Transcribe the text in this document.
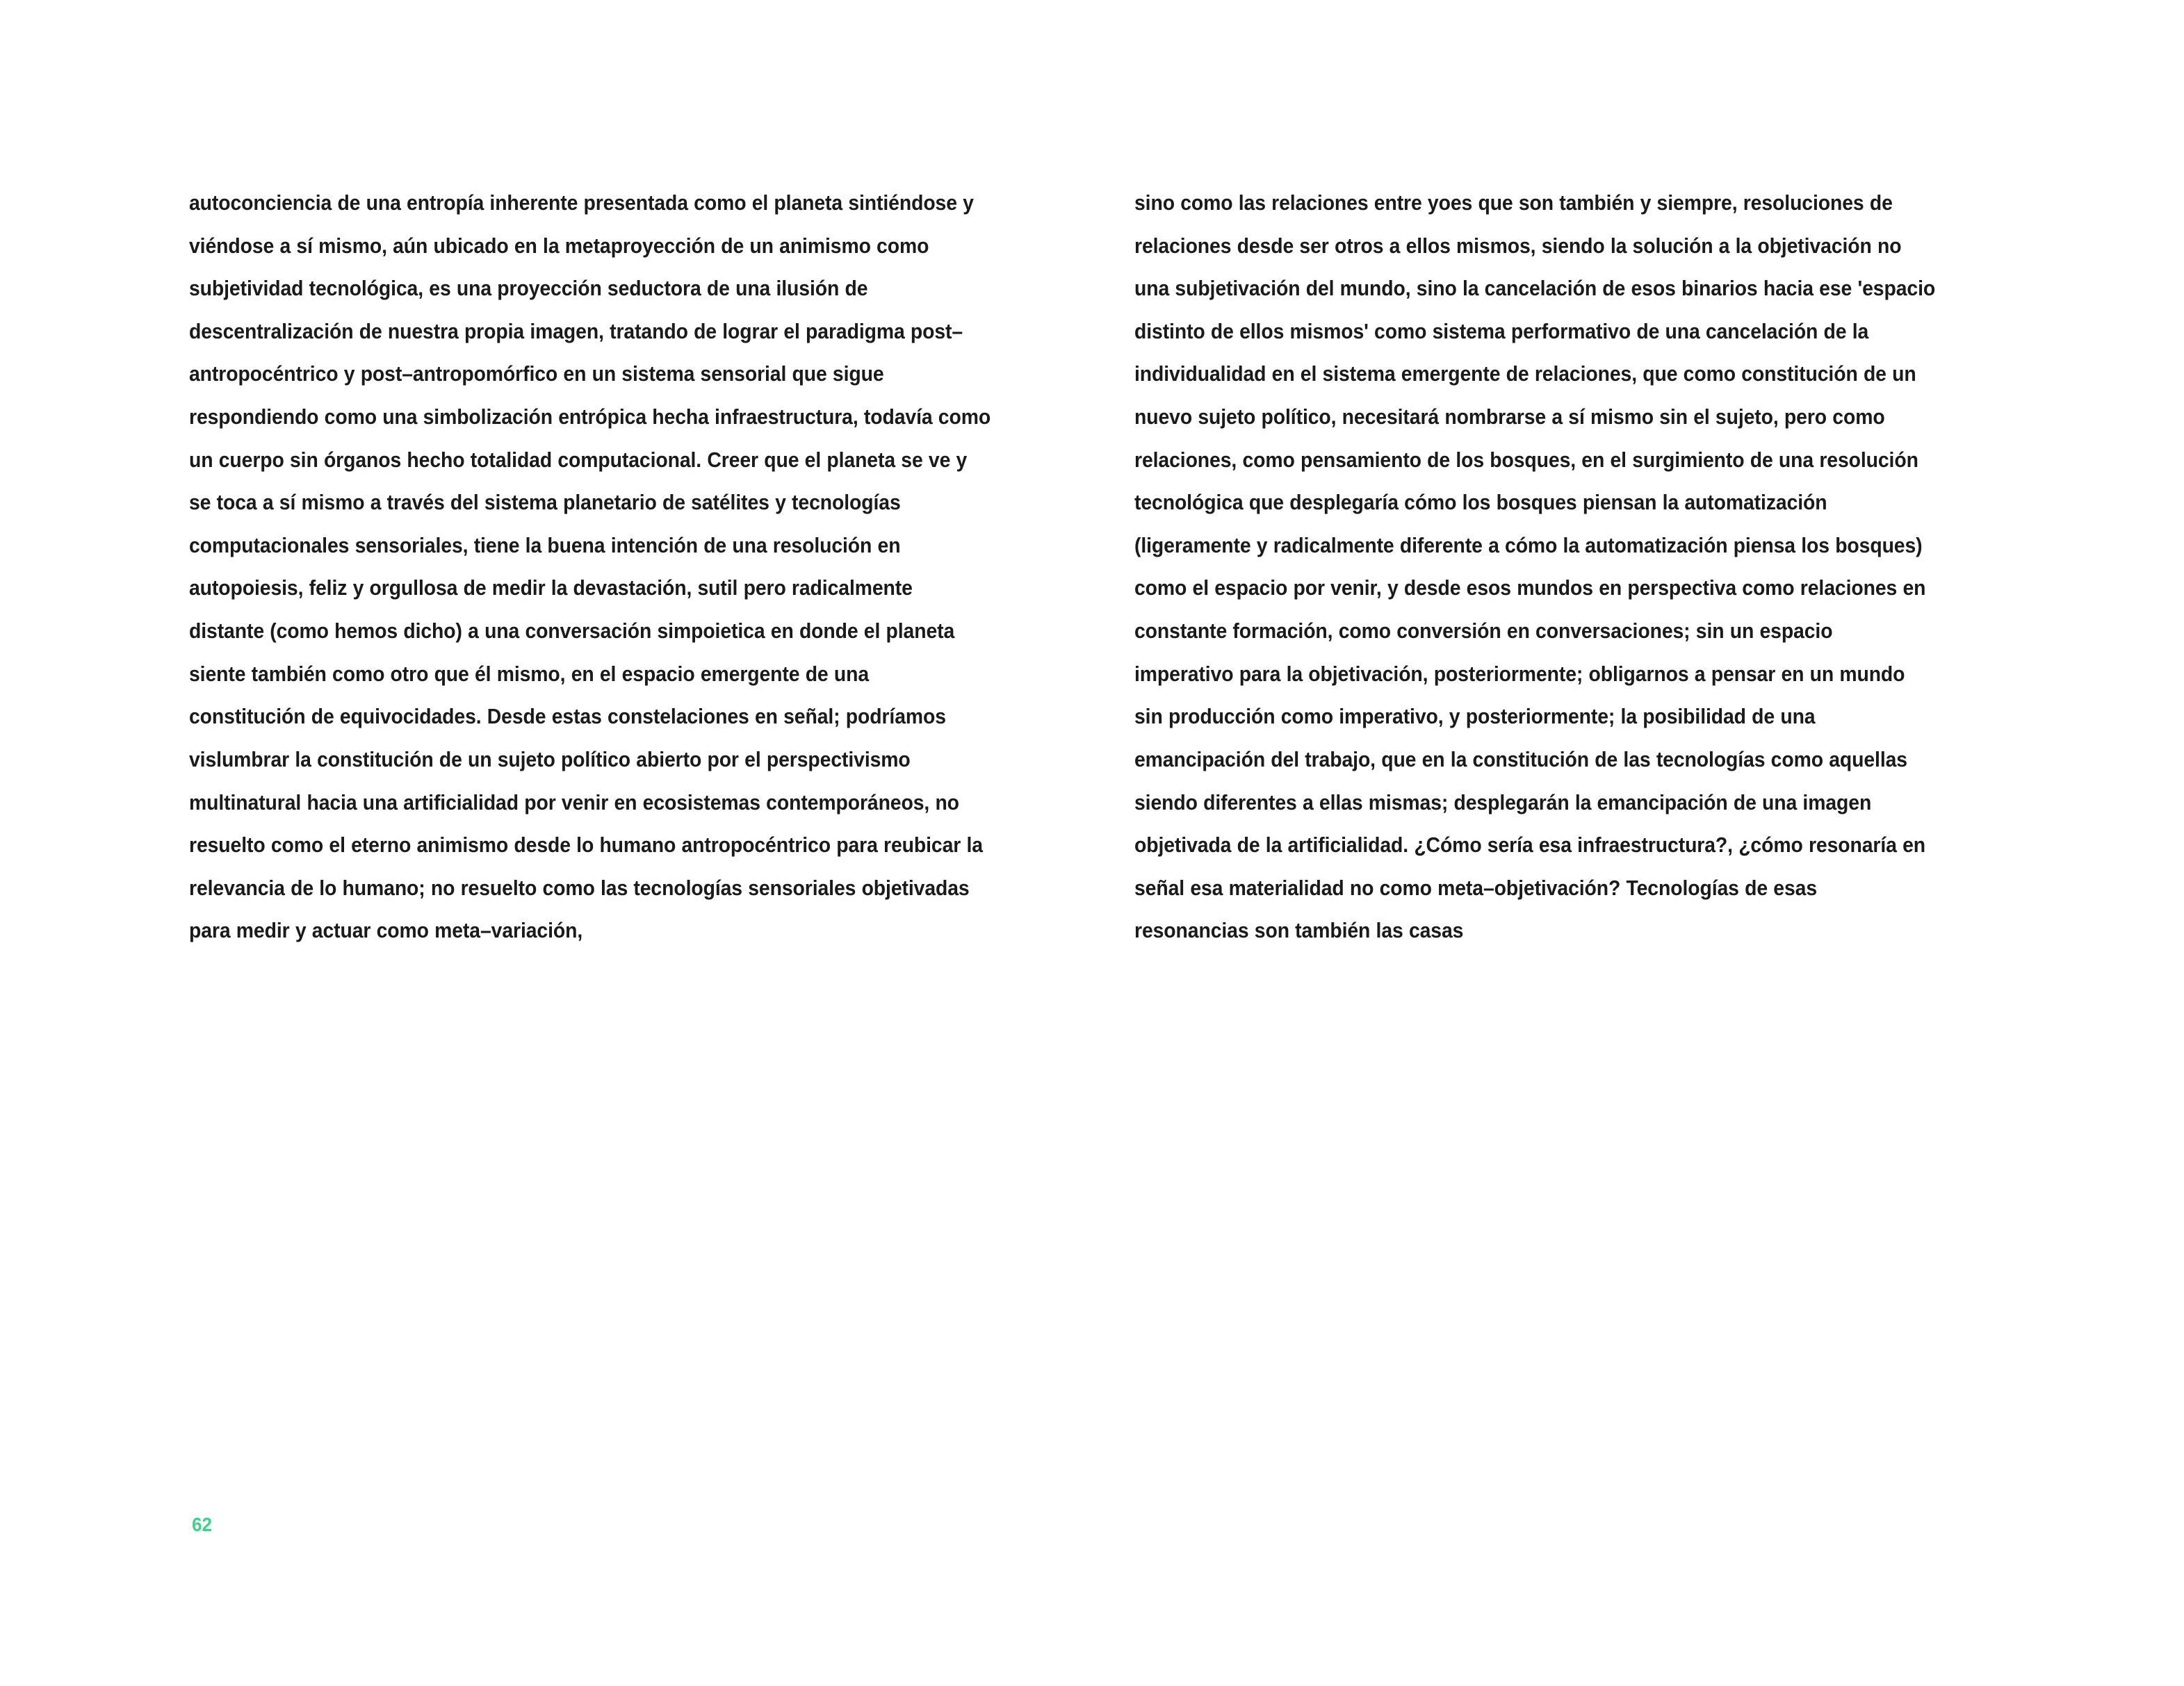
autoconciencia de una entropía inherente presentada como el planeta sintiéndose y viéndose a sí mismo, aún ubicado en la metaproyección de un animismo como subjetividad tecnológica, es una proyección seductora de una ilusión de descentralización de nuestra propia imagen, tratando de lograr el paradigma post–antropocéntrico y post–antropomórfico en un sistema sensorial que sigue respondiendo como una simbolización entrópica hecha infraestructura, todavía como un cuerpo sin órganos hecho totalidad computacional. Creer que el planeta se ve y se toca a sí mismo a través del sistema planetario de satélites y tecnologías computacionales sensoriales, tiene la buena intención de una resolución en autopoiesis, feliz y orgullosa de medir la devastación, sutil pero radicalmente distante (como hemos dicho) a una conversación simpoietica en donde el planeta siente también como otro que él mismo, en el espacio emergente de una constitución de equivocidades. Desde estas constelaciones en señal; podríamos vislumbrar la constitución de un sujeto político abierto por el perspectivismo multinatural hacia una artificialidad por venir en ecosistemas contemporáneos, no resuelto como el eterno animismo desde lo humano antropocéntrico para reubicar la relevancia de lo humano; no resuelto como las tecnologías sensoriales objetivadas para medir y actuar como meta–variación,

sino como las relaciones entre yoes que son también y siempre, resoluciones de relaciones desde ser otros a ellos mismos, siendo la solución a la objetivación no una subjetivación del mundo, sino la cancelación de esos binarios hacia ese 'espacio distinto de ellos mismos' como sistema performativo de una cancelación de la individualidad en el sistema emergente de relaciones, que como constitución de un nuevo sujeto político, necesitará nombrarse a sí mismo sin el sujeto, pero como relaciones, como pensamiento de los bosques, en el surgimiento de una resolución tecnológica que desplegaría cómo los bosques piensan la automatización (ligeramente y radicalmente diferente a cómo la automatización piensa los bosques) como el espacio por venir, y desde esos mundos en perspectiva como relaciones en constante formación, como conversión en conversaciones; sin un espacio imperativo para la objetivación, posteriormente; obligarnos a pensar en un mundo sin producción como imperativo, y posteriormente; la posibilidad de una emancipación del trabajo, que en la constitución de las tecnologías como aquellas siendo diferentes a ellas mismas; desplegarán la emancipación de una imagen objetivada de la artificialidad. ¿Cómo sería esa infraestructura?, ¿cómo resonaría en señal esa materialidad no como meta–objetivación? Tecnologías de esas resonancias son también las casas

62
